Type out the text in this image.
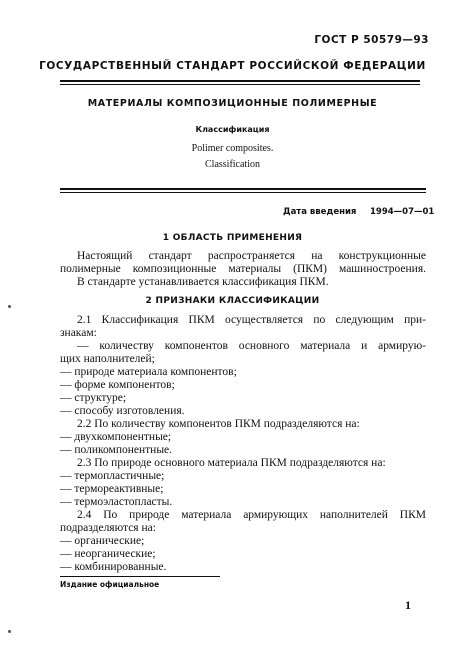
ГОСТ Р 50579—93
ГОСУДАРСТВЕННЫЙ СТАНДАРТ РОССИЙСКОЙ ФЕДЕРАЦИИ
МАТЕРИАЛЫ КОМПОЗИЦИОННЫЕ ПОЛИМЕРНЫЕ
Классификация
Polimer composites.
Classification
Дата введения 1994—07—01
1 ОБЛАСТЬ ПРИМЕНЕНИЯ
Настоящий стандарт распространяется на конструкционные
полимерные композиционные материалы (ПКМ) машиностроения.
В стандарте устанавливается классификация ПКМ.
2 ПРИЗНАКИ КЛАССИФИКАЦИИ
2.1 Классификация ПКМ осуществляется по следующим при-
знакам:
— количеству компонентов основного материала и армирую-
щих наполнителей;
— природе материала компонентов;
— форме компонентов;
— структуре;
— способу изготовления.
2.2 По количеству компонентов ПКМ подразделяются на:
— двухкомпонентные;
— поликомпонентные.
2.3 По природе основного материала ПКМ подразделяются на:
— термопластичные;
— термореактивные;
— термоэластопласты.
2.4 По природе материала армирующих наполнителей ПКМ
подразделяются на:
— органические;
— неорганические;
— комбинированные.
Издание официальное
1
